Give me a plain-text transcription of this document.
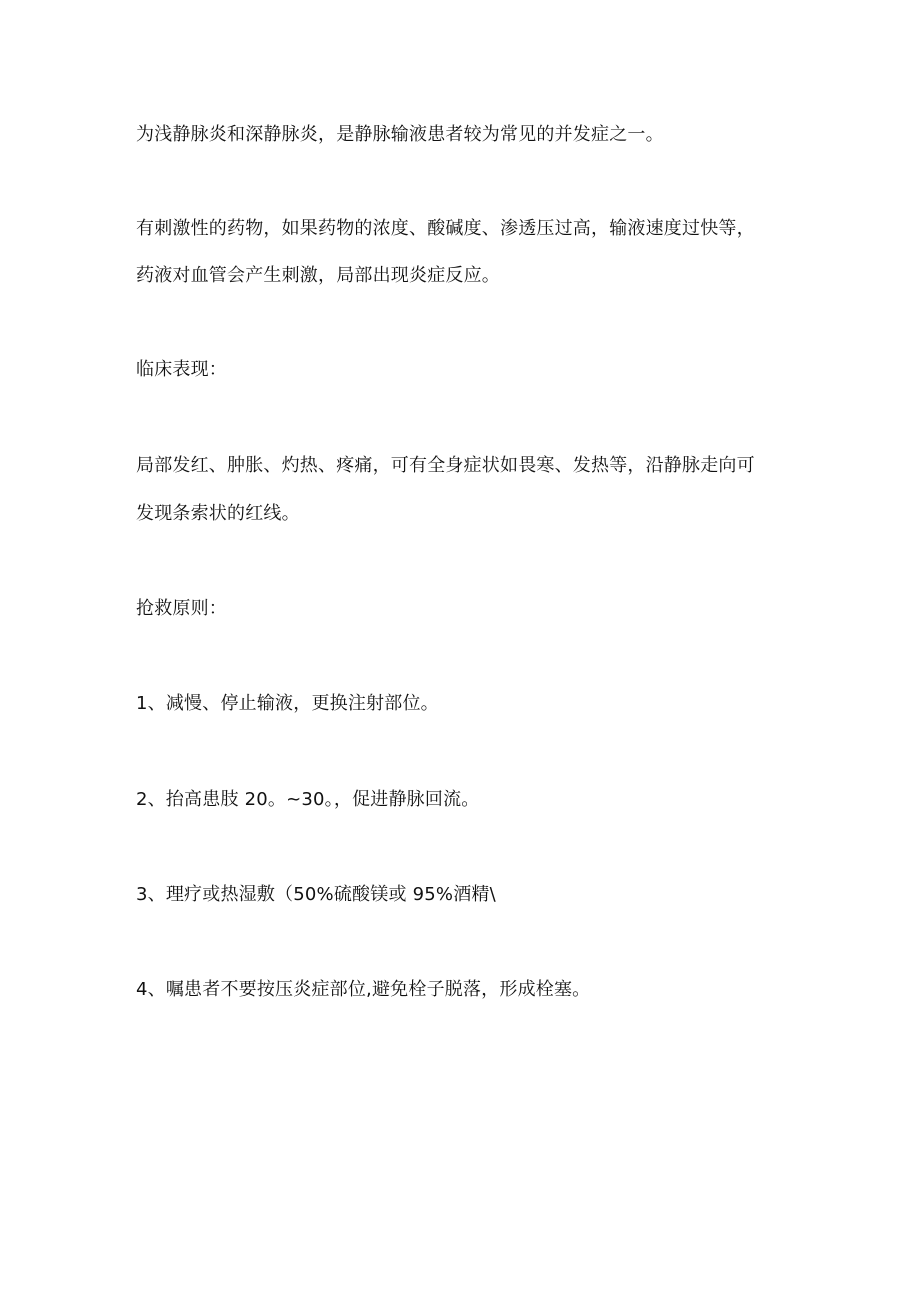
为浅静脉炎和深静脉炎，是静脉输液患者较为常见的并发症之一。
有刺激性的药物，如果药物的浓度、酸碱度、渗透压过高，输液速度过快等，
药液对血管会产生刺激，局部出现炎症反应。
临床表现：
局部发红、肿胀、灼热、疼痛，可有全身症状如畏寒、发热等，沿静脉走向可
发现条索状的红线。
抢救原则：
1、减慢、停止输液，更换注射部位。
2、抬高患肢 20。~30。，促进静脉回流。
3、理疗或热湿敷（50%硫酸镁或 95%酒精\
4、嘱患者不要按压炎症部位,避免栓子脱落，形成栓塞。
